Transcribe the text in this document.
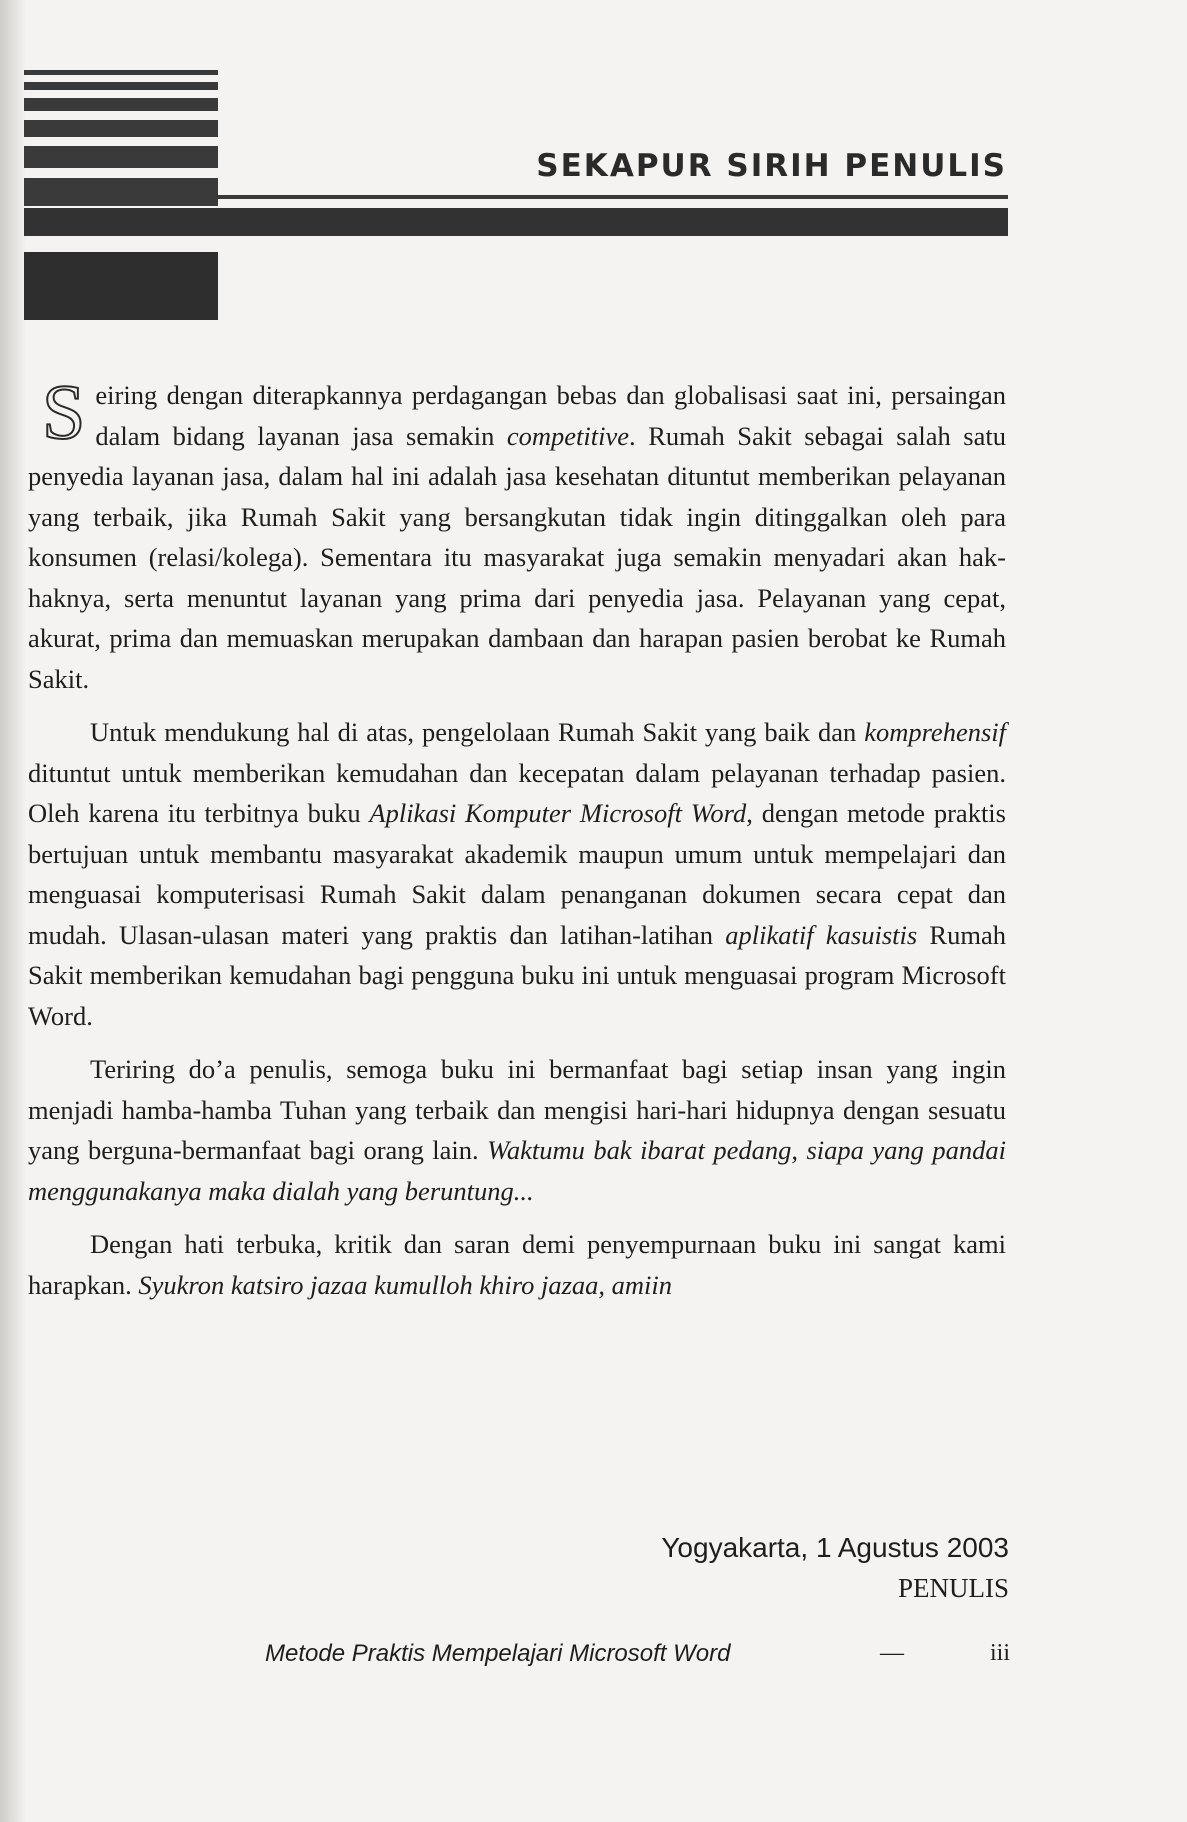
SEKAPUR SIRIH PENULIS

S eiring dengan diterapkannya perdagangan bebas dan globalisasi saat ini, persaingan dalam bidang layanan jasa semakin competitive. Rumah Sakit sebagai salah satu penyedia layanan jasa, dalam hal ini adalah jasa kesehatan dituntut memberikan pelayanan yang terbaik, jika Rumah Sakit yang bersangkutan tidak ingin ditinggalkan oleh para konsumen (relasi/kolega). Sementara itu masyarakat juga semakin menyadari akan hak-haknya, serta menuntut layanan yang prima dari penyedia jasa. Pelayanan yang cepat, akurat, prima dan memuaskan merupakan dambaan dan harapan pasien berobat ke Rumah Sakit.

Untuk mendukung hal di atas, pengelolaan Rumah Sakit yang baik dan komprehensif dituntut untuk memberikan kemudahan dan kecepatan dalam pelayanan terhadap pasien. Oleh karena itu terbitnya buku Aplikasi Komputer Microsoft Word, dengan metode praktis bertujuan untuk membantu masyarakat akademik maupun umum untuk mempelajari dan menguasai komputerisasi Rumah Sakit dalam penanganan dokumen secara cepat dan mudah. Ulasan-ulasan materi yang praktis dan latihan-latihan aplikatif kasuistis Rumah Sakit memberikan kemudahan bagi pengguna buku ini untuk menguasai program Microsoft Word.

Teriring do’a penulis, semoga buku ini bermanfaat bagi setiap insan yang ingin menjadi hamba-hamba Tuhan yang terbaik dan mengisi hari-hari hidupnya dengan sesuatu yang berguna-bermanfaat bagi orang lain. Waktumu bak ibarat pedang, siapa yang pandai menggunakanya maka dialah yang beruntung...

Dengan hati terbuka, kritik dan saran demi penyempurnaan buku ini sangat kami harapkan. Syukron katsiro jazaa kumulloh khiro jazaa, amiin

Yogyakarta, 1 Agustus 2003
PENULIS
Metode Praktis Mempelajari Microsoft Word	—	iii
